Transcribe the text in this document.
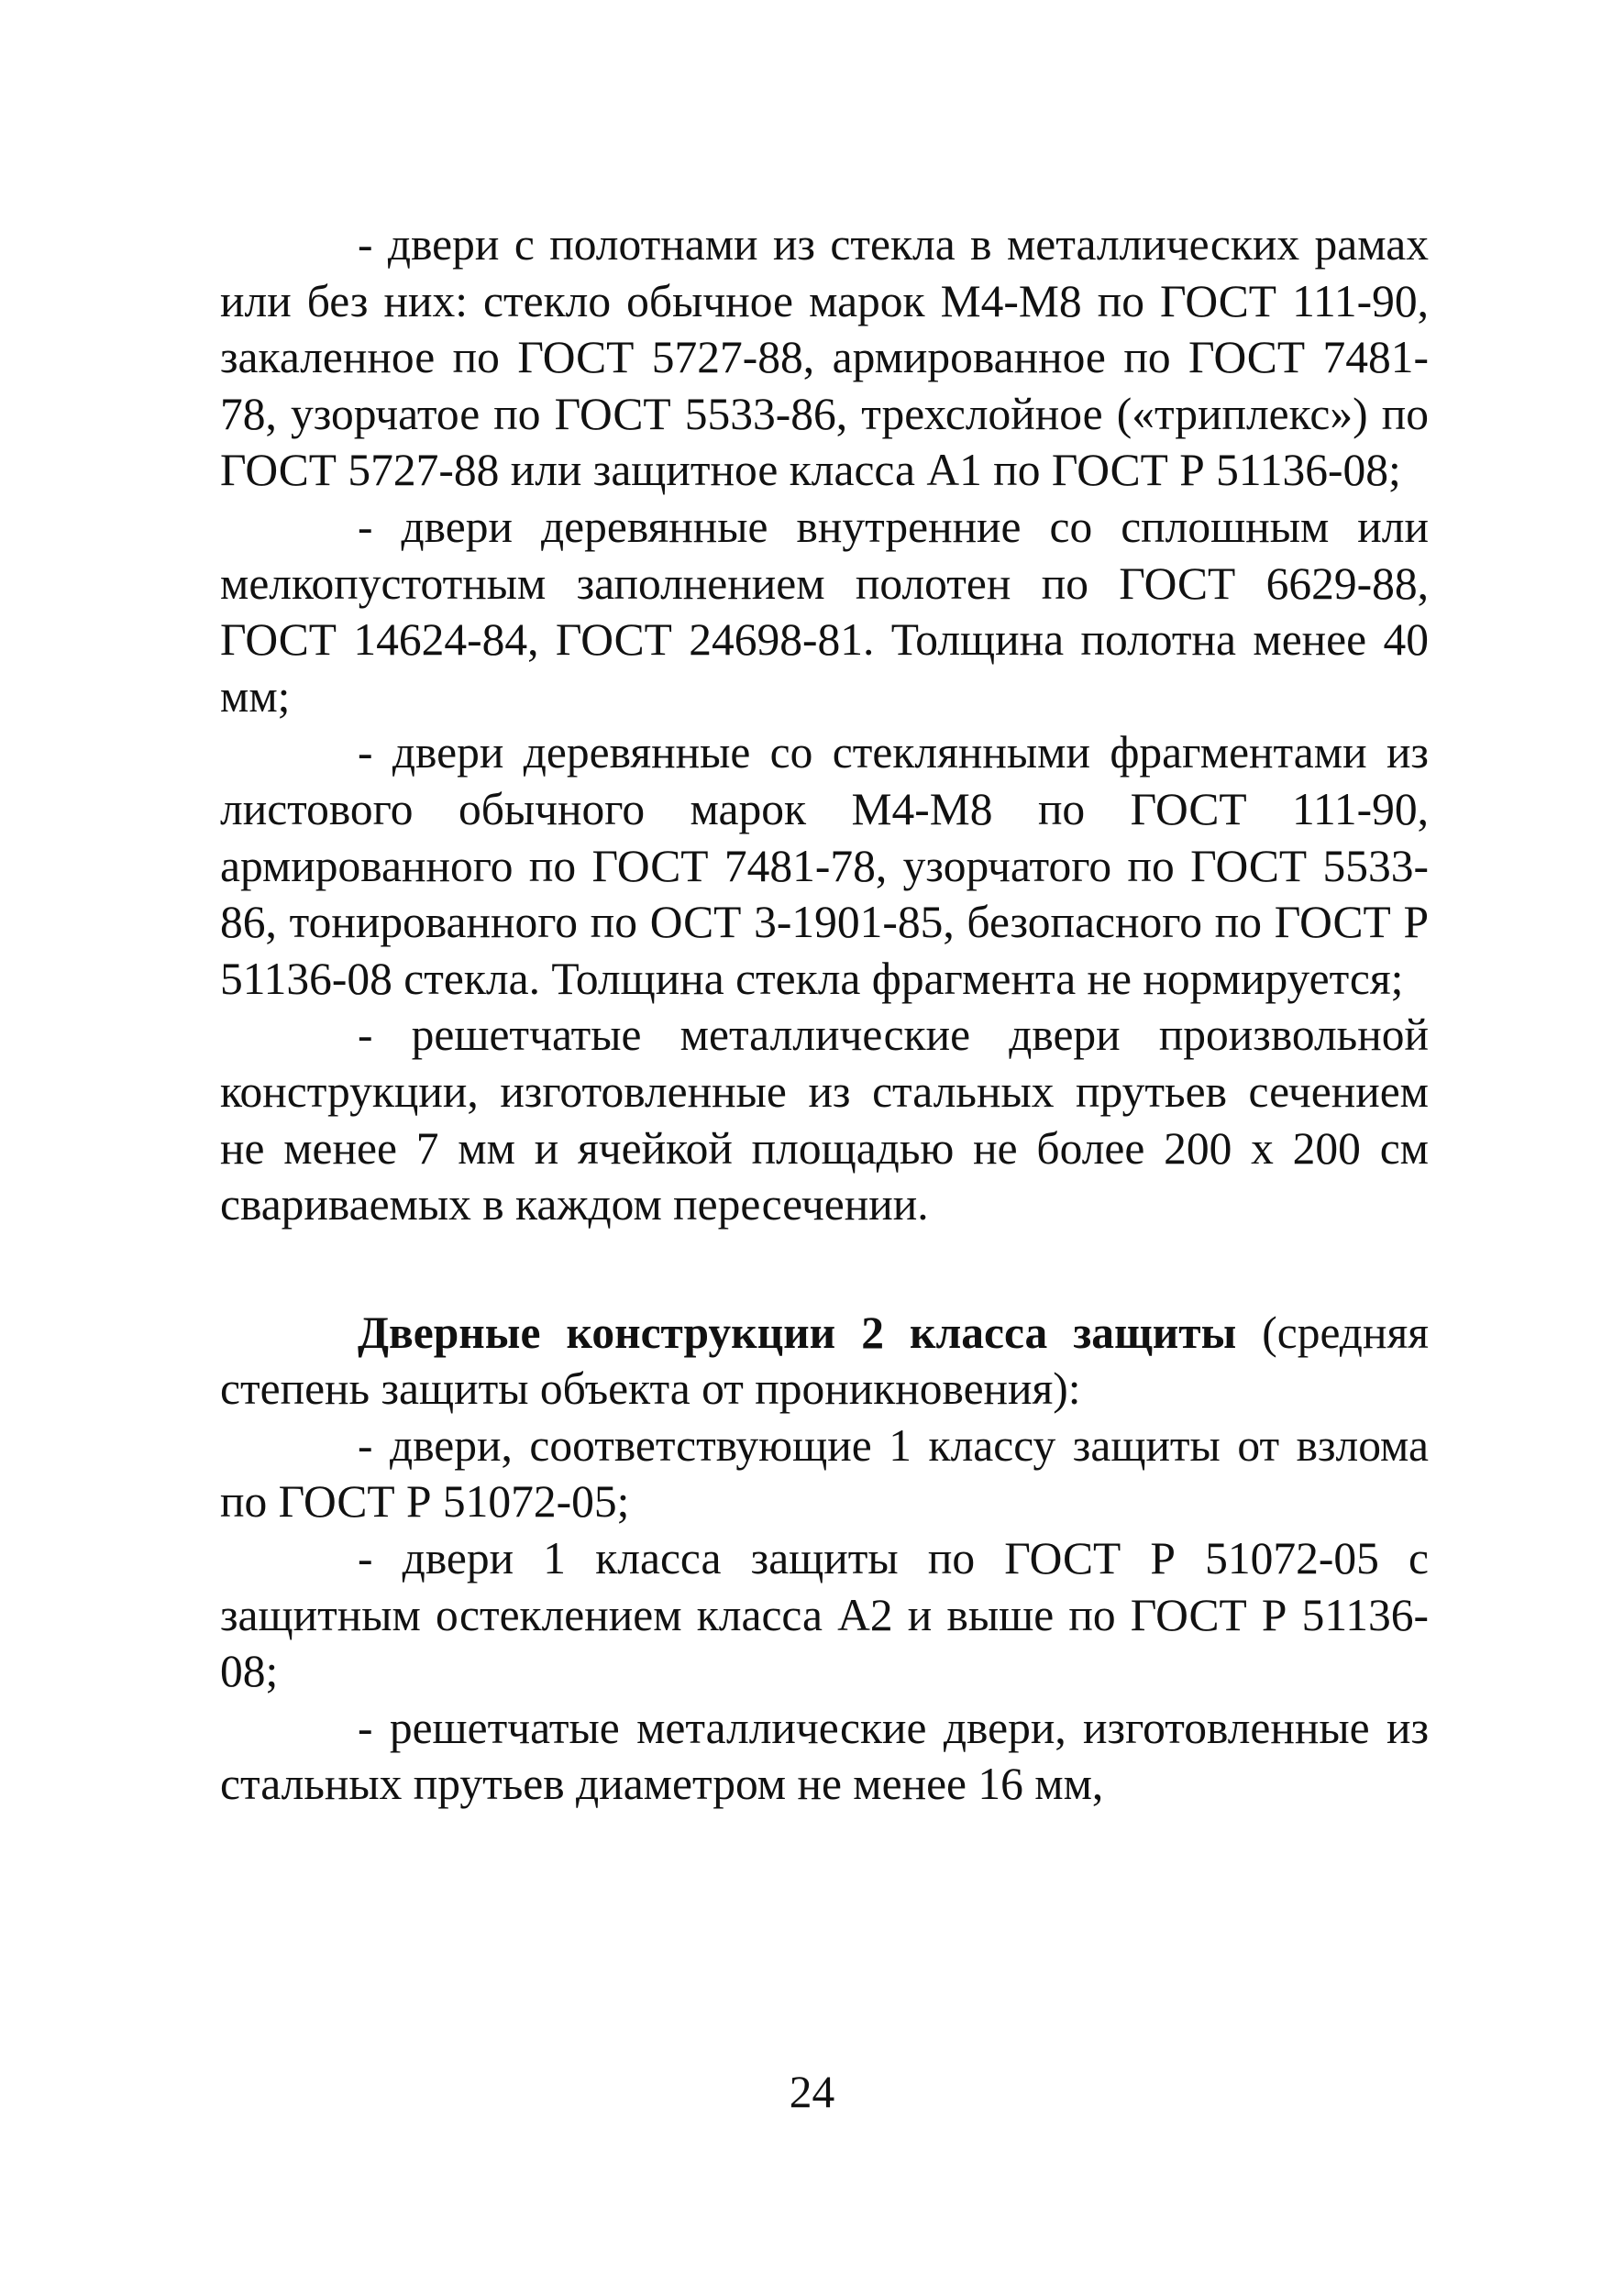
- двери с полотнами из стекла в металлических рамах или без них: стекло обычное марок М4-М8 по ГОСТ 111-90, закаленное по ГОСТ 5727-88, армированное по ГОСТ 7481-78, узорчатое по ГОСТ 5533-86, трехслойное («триплекс») по ГОСТ 5727-88 или защитное класса А1 по ГОСТ Р 51136-08;

- двери деревянные внутренние со сплошным или мелкопустотным заполнением полотен по ГОСТ 6629-88, ГОСТ 14624-84, ГОСТ 24698-81. Толщина полотна менее 40 мм;

- двери деревянные со стеклянными фрагментами из листового обычного марок М4-М8 по ГОСТ 111-90, армированного по ГОСТ 7481-78, узорчатого по ГОСТ 5533-86, тонированного по ОСТ 3-1901-85, безопасного по ГОСТ Р 51136-08 стекла. Толщина стекла фрагмента не нормируется;

- решетчатые металлические двери произвольной конструкции, изготовленные из стальных прутьев сечением не менее 7 мм и ячейкой площадью не более 200 х 200 см свариваемых в каждом пересечении.

Дверные конструкции 2 класса защиты (средняя степень защиты объекта от проникновения):

- двери, соответствующие 1 классу защиты от взлома по ГОСТ Р 51072-05;

- двери 1 класса защиты по ГОСТ Р 51072-05 с защитным остеклением класса А2 и выше по ГОСТ Р 51136-08;

- решетчатые металлические двери, изготовленные из стальных прутьев диаметром не менее 16 мм,

24
